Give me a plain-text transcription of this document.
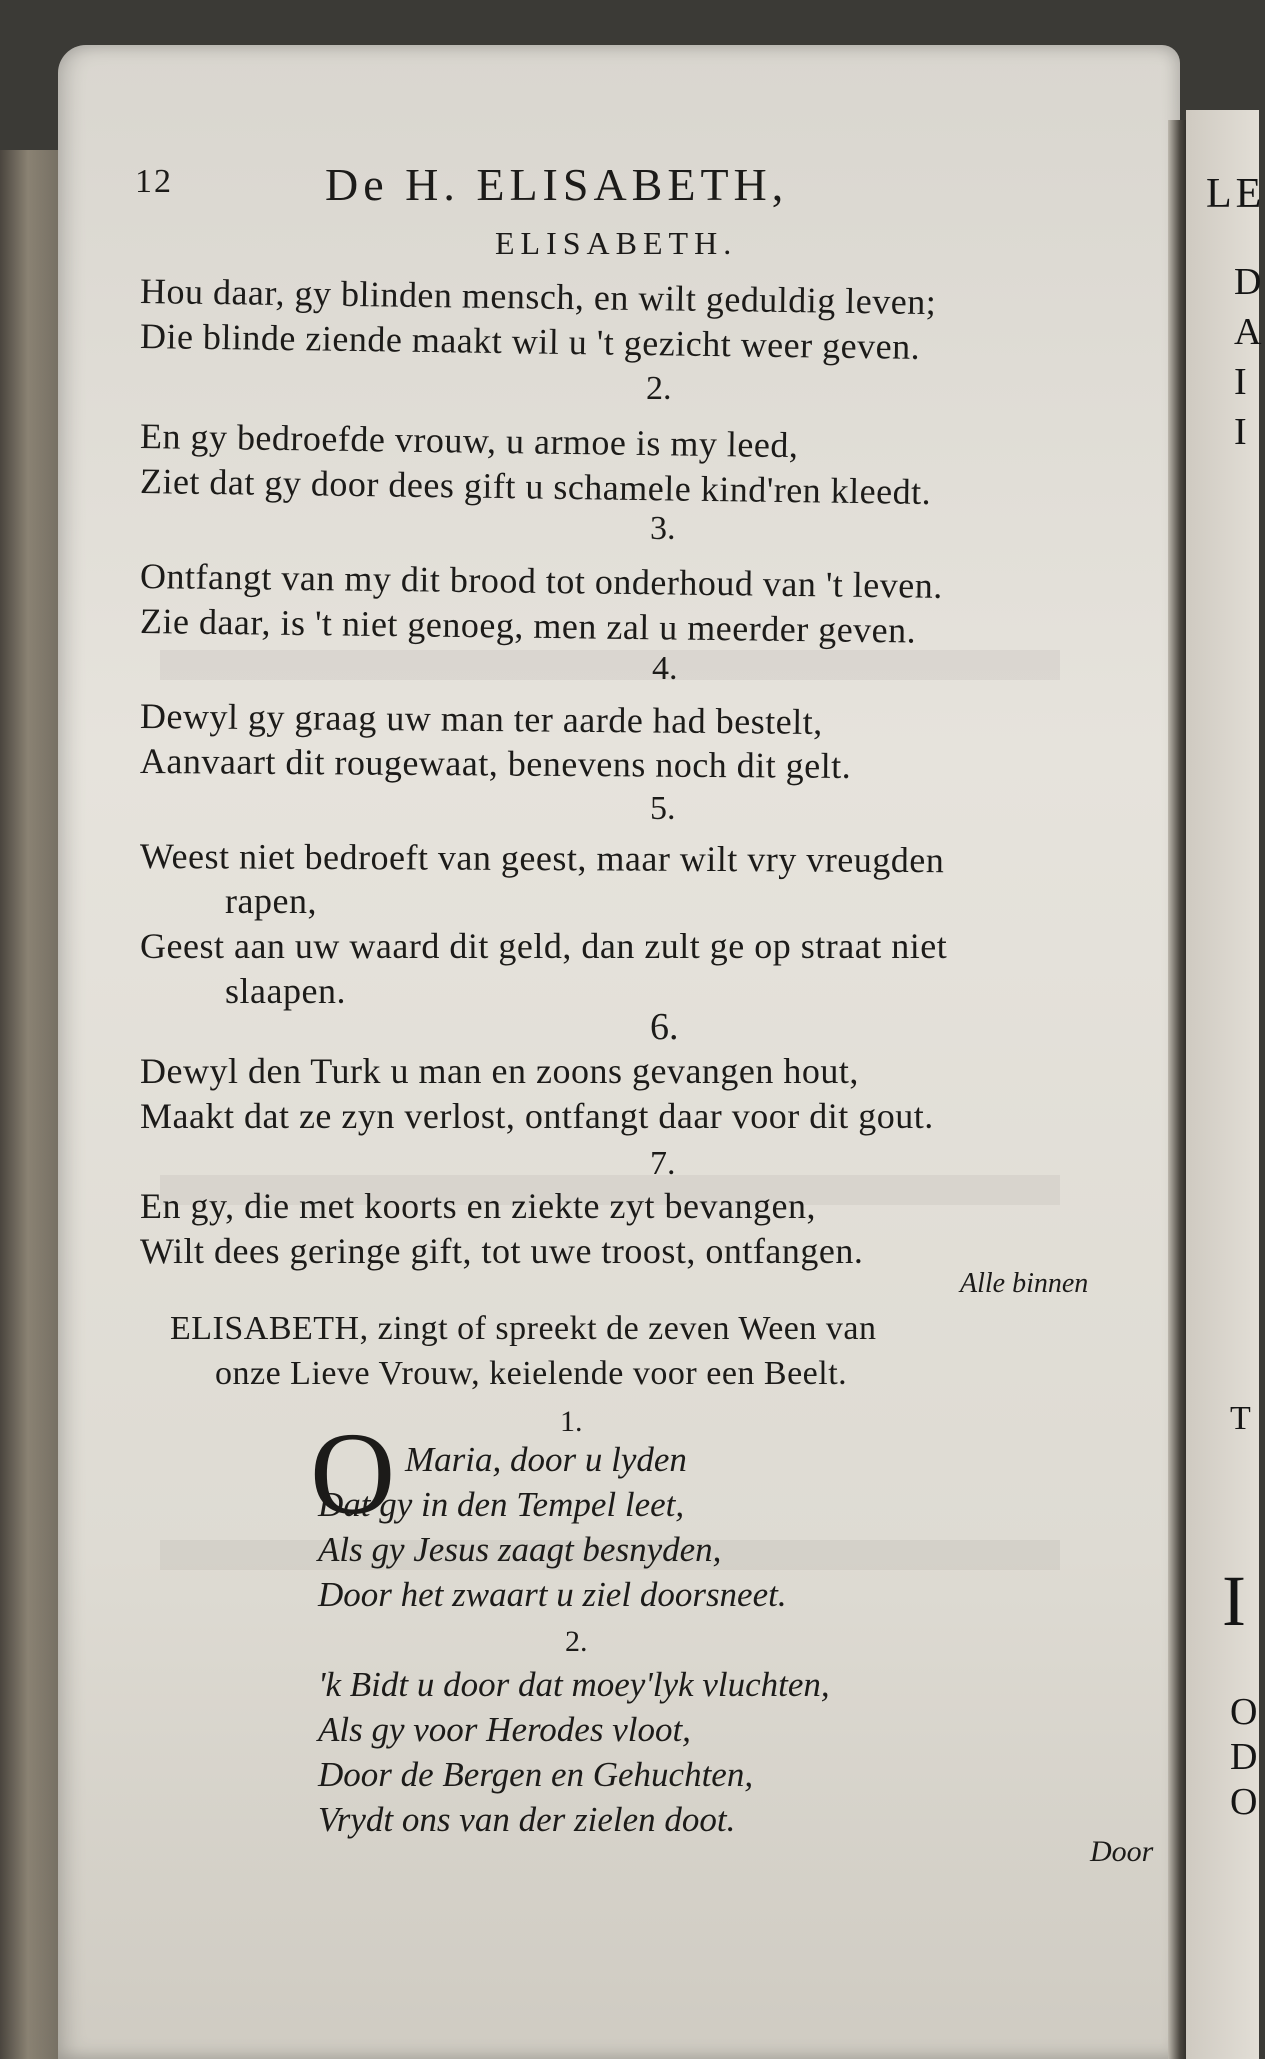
LE
D
A
I
I
T
I
O
D
O
12	De H. ELISABETH,
ELISABETH.
Hou daar, gy blinden mensch, en wilt geduldig leven;
Die blinde ziende maakt wil u 't gezicht weer geven.
2.
En gy bedroefde vrouw, u armoe is my leed,
Ziet dat gy door dees gift u schamele kind'ren kleedt.
3.
Ontfangt van my dit brood tot onderhoud van 't leven.
Zie daar, is 't niet genoeg, men zal u meerder geven.
4.
Dewyl gy graag uw man ter aarde had bestelt,
Aanvaart dit rougewaat, benevens noch dit gelt.
5.
Weest niet bedroeft van geest, maar wilt vry vreugden
rapen,
Geest aan uw waard dit geld, dan zult ge op straat niet
slaapen.
6.
Dewyl den Turk u man en zoons gevangen hout,
Maakt dat ze zyn verlost, ontfangt daar voor dit gout.
7.
En gy, die met koorts en ziekte zyt bevangen,
Wilt dees geringe gift, tot uwe troost, ontfangen.
Alle binnen
ELISABETH, zingt of spreekt de zeven Ween van
onze Lieve Vrouw, keielende voor een Beelt.
1.
O Maria, door u lyden
Dat gy in den Tempel leet,
Als gy Jesus zaagt besnyden,
Door het zwaart u ziel doorsneet.
2.
'k Bidt u door dat moey'lyk vluchten,
Als gy voor Herodes vloot,
Door de Bergen en Gehuchten,
Vrydt ons van der zielen doot.
Door
